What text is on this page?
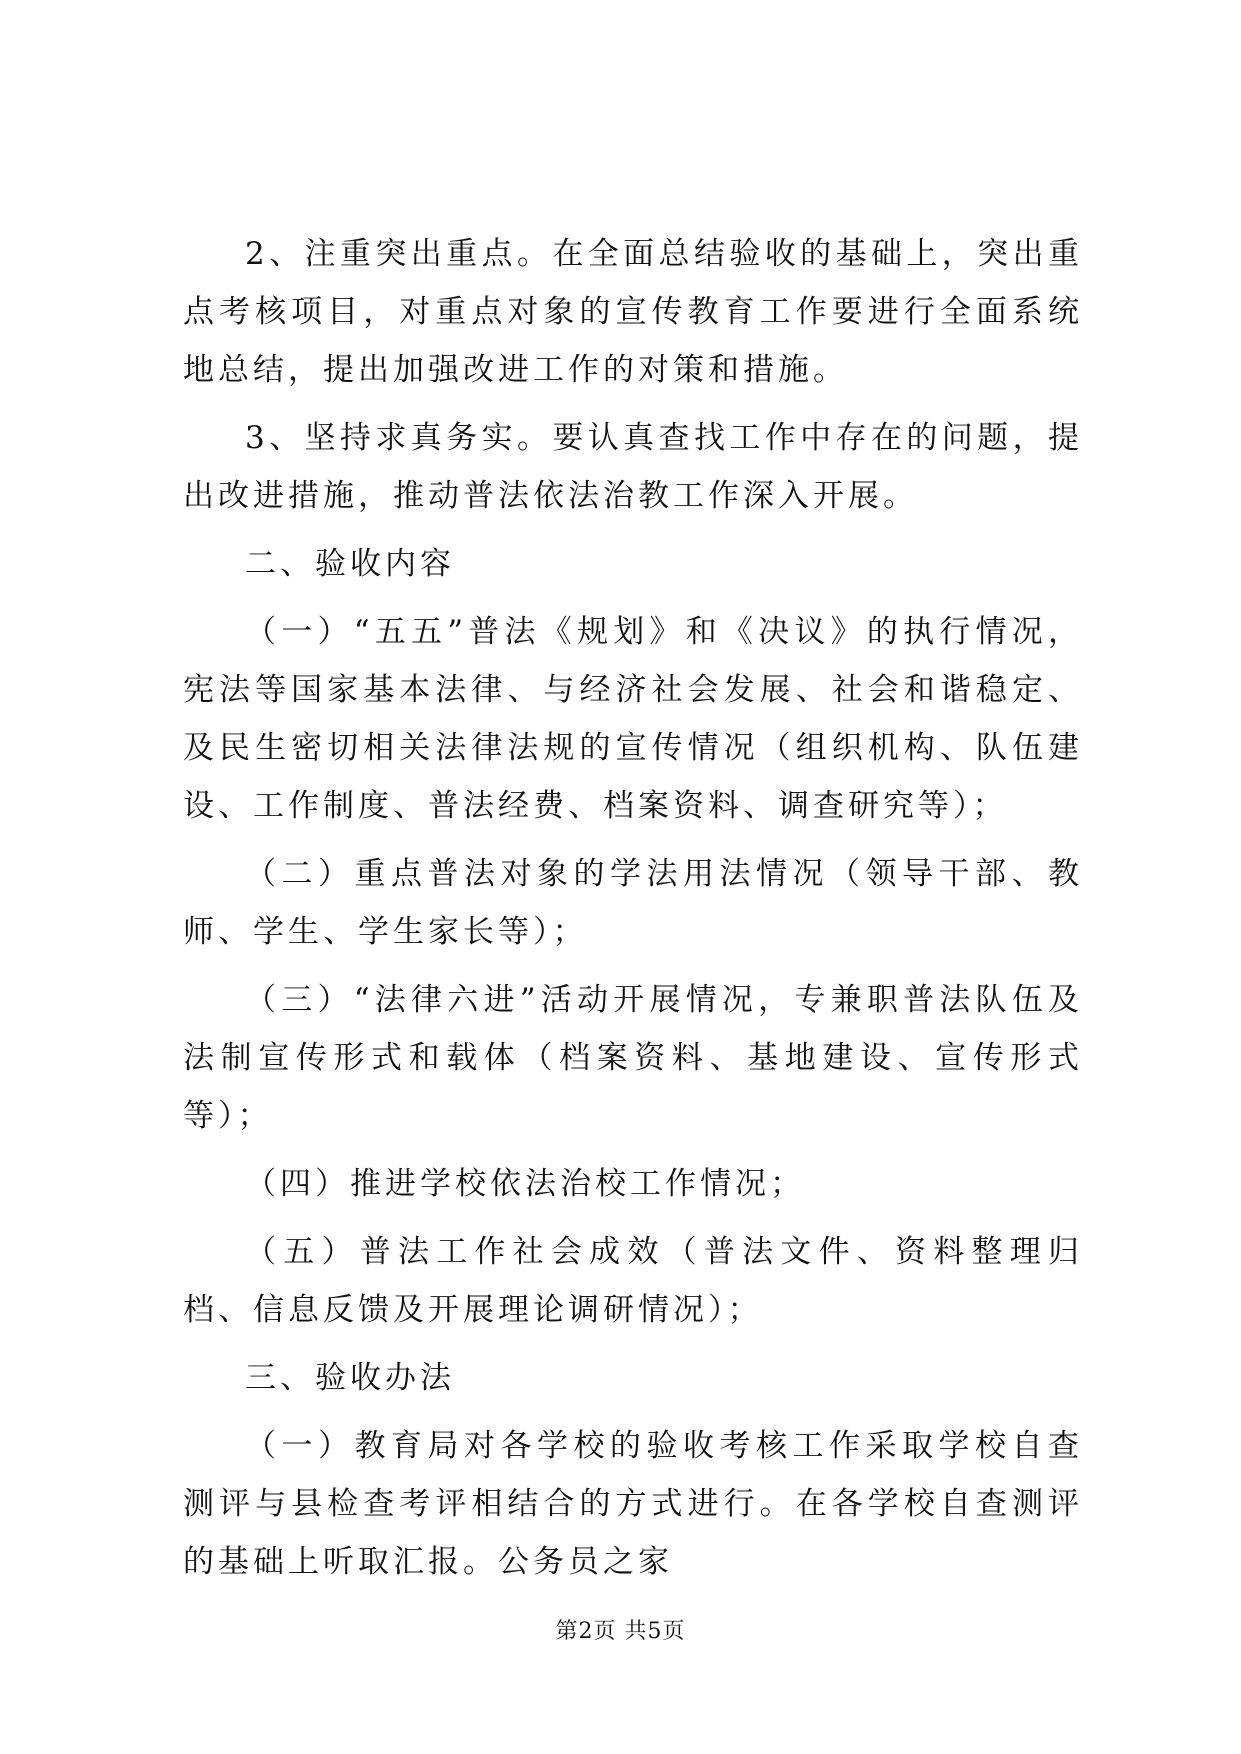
2、注重突出重点。在全面总结验收的基础上，突出重点考核项目，对重点对象的宣传教育工作要进行全面系统地总结，提出加强改进工作的对策和措施。

3、坚持求真务实。要认真查找工作中存在的问题，提出改进措施，推动普法依法治教工作深入开展。

二、验收内容

（一）“五五”普法《规划》和《决议》的执行情况，宪法等国家基本法律、与经济社会发展、社会和谐稳定、及民生密切相关法律法规的宣传情况（组织机构、队伍建设、工作制度、普法经费、档案资料、调查研究等）；

（二）重点普法对象的学法用法情况（领导干部、教师、学生、学生家长等）；

（三）“法律六进”活动开展情况，专兼职普法队伍及法制宣传形式和载体（档案资料、基地建设、宣传形式等）；

（四）推进学校依法治校工作情况；

（五）普法工作社会成效（普法文件、资料整理归档、信息反馈及开展理论调研情况）；

三、验收办法

（一）教育局对各学校的验收考核工作采取学校自查测评与县检查考评相结合的方式进行。在各学校自查测评的基础上听取汇报。公务员之家

第2页 共5页
